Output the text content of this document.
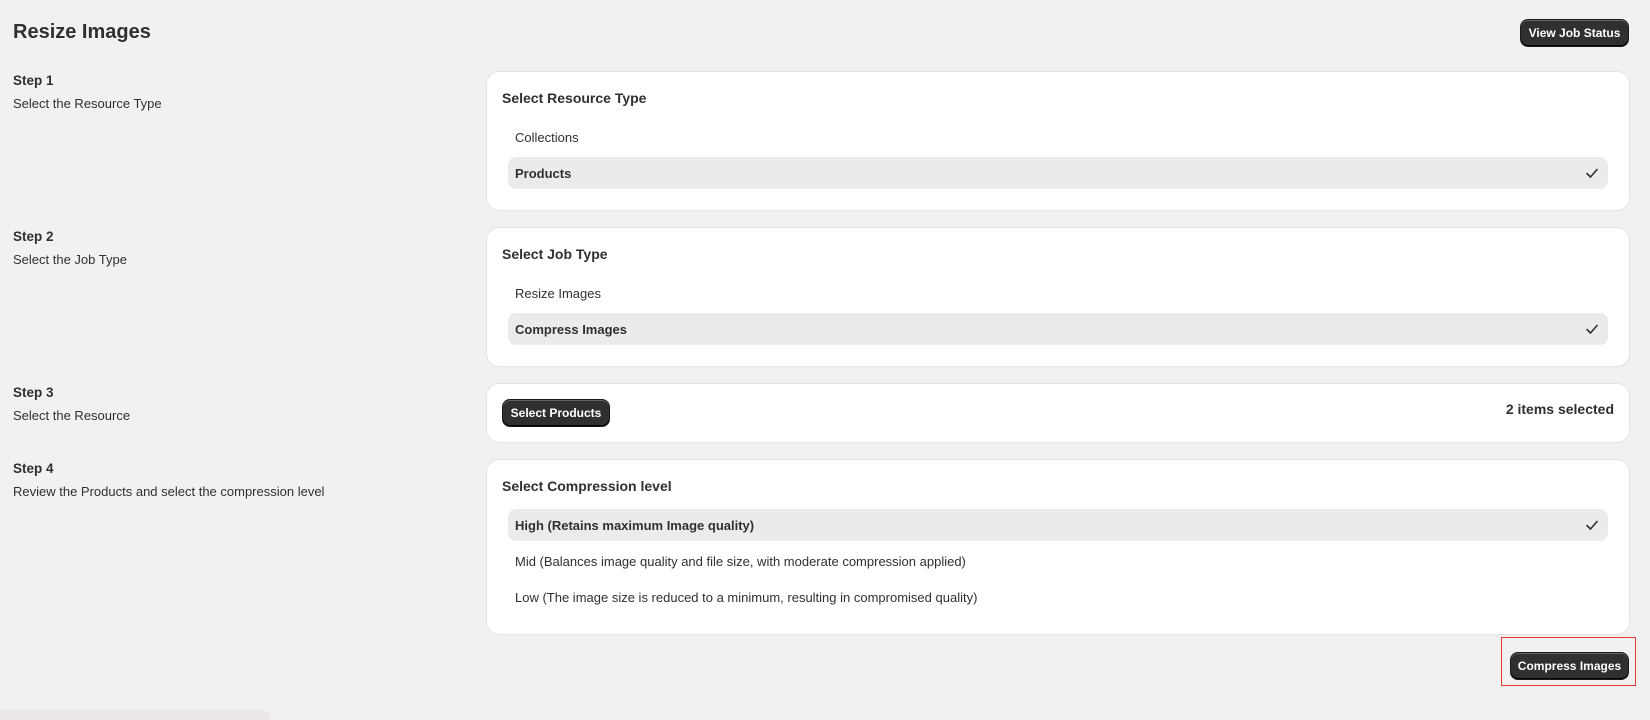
Resize Images	View Job Status
Step 1
Select the Resource Type
Step 2
Select the Job Type
Step 3
Select the Resource
Step 4
Review the Products and select the compression level
Select Resource Type
Collections
Products
Select Job Type
Resize Images
Compress Images
Select Products	2 items selected
Select Compression level
High (Retains maximum Image quality)
Mid (Balances image quality and file size, with moderate compression applied)
Low (The image size is reduced to a minimum, resulting in compromised quality)
Compress Images
